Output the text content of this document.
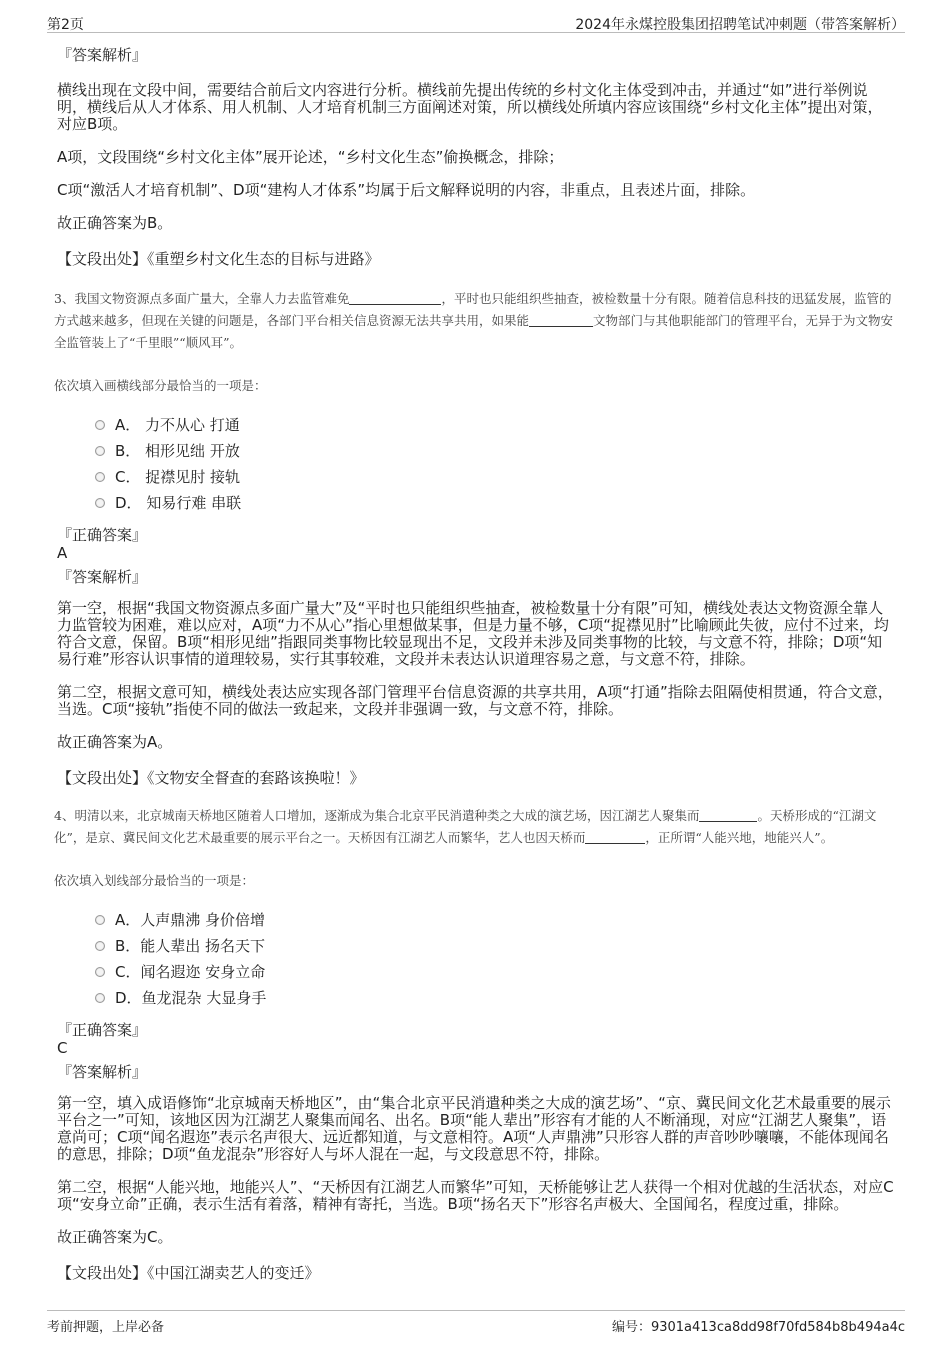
第2页	2024年永煤控股集团招聘笔试冲刺题（带答案解析）

『答案解析』

横线出现在文段中间，需要结合前后文内容进行分析。横线前先提出传统的乡村文化主体受到冲击，并通过“如”进行举例说明，横线后从人才体系、用人机制、人才培育机制三方面阐述对策，所以横线处所填内容应该围绕“乡村文化主体”提出对策，对应B项。

A项，文段围绕“乡村文化主体”展开论述，“乡村文化生态”偷换概念，排除；

C项“激活人才培育机制”、D项“建构人才体系”均属于后文解释说明的内容，非重点，且表述片面，排除。

故正确答案为B。

【文段出处】《重塑乡村文化生态的目标与进路》

3、我国文物资源点多面广量大，全靠人力去监管难免	，平时也只能组织些抽查，被检数量十分有限。随着信息科技的迅猛发展，监管的方式越来越多，但现在关键的问题是，各部门平台相关信息资源无法共享共用，如果能	文物部门与其他职能部门的管理平台，无异于为文物安全监管装上了“千里眼”“顺风耳”。

依次填入画横线部分最恰当的一项是：

A． 力不从心 打通
B． 相形见绌 开放
C． 捉襟见肘 接轨
D． 知易行难 串联

『正确答案』

A

『答案解析』

第一空，根据“我国文物资源点多面广量大”及“平时也只能组织些抽查，被检数量十分有限”可知，横线处表达文物资源全靠人力监管较为困难，难以应对，A项“力不从心”指心里想做某事，但是力量不够，C项“捉襟见肘”比喻顾此失彼，应付不过来，均符合文意，保留。B项“相形见绌”指跟同类事物比较显现出不足，文段并未涉及同类事物的比较，与文意不符，排除；D项“知易行难”形容认识事情的道理较易，实行其事较难，文段并未表达认识道理容易之意，与文意不符，排除。

第二空，根据文意可知，横线处表达应实现各部门管理平台信息资源的共享共用，A项“打通”指除去阻隔使相贯通，符合文意，当选。C项“接轨”指使不同的做法一致起来，文段并非强调一致，与文意不符，排除。

故正确答案为A。

【文段出处】《文物安全督查的套路该换啦！》

4、明清以来，北京城南天桥地区随着人口增加，逐渐成为集合北京平民消遣种类之大成的演艺场，因江湖艺人聚集而	。天桥形成的“江湖文化”，是京、冀民间文化艺术最重要的展示平台之一。天桥因有江湖艺人而繁华，艺人也因天桥而	，正所谓“人能兴地，地能兴人”。

依次填入划线部分最恰当的一项是：

A．人声鼎沸 身价倍增
B．能人辈出 扬名天下
C．闻名遐迩 安身立命
D．鱼龙混杂 大显身手

『正确答案』

C

『答案解析』

第一空，填入成语修饰“北京城南天桥地区”，由“集合北京平民消遣种类之大成的演艺场”、“京、冀民间文化艺术最重要的展示平台之一”可知，该地区因为江湖艺人聚集而闻名、出名。B项“能人辈出”形容有才能的人不断涌现，对应“江湖艺人聚集”，语意尚可；C项“闻名遐迩”表示名声很大、远近都知道，与文意相符。A项“人声鼎沸”只形容人群的声音吵吵嚷嚷，不能体现闻名的意思，排除；D项“鱼龙混杂”形容好人与坏人混在一起，与文段意思不符，排除。

第二空，根据“人能兴地，地能兴人”、“天桥因有江湖艺人而繁华”可知，天桥能够让艺人获得一个相对优越的生活状态，对应C项“安身立命”正确，表示生活有着落，精神有寄托，当选。B项“扬名天下”形容名声极大、全国闻名，程度过重，排除。

故正确答案为C。

【文段出处】《中国江湖卖艺人的变迁》

考前押题，上岸必备	编号：9301a413ca8dd98f70fd584b8b494a4c
